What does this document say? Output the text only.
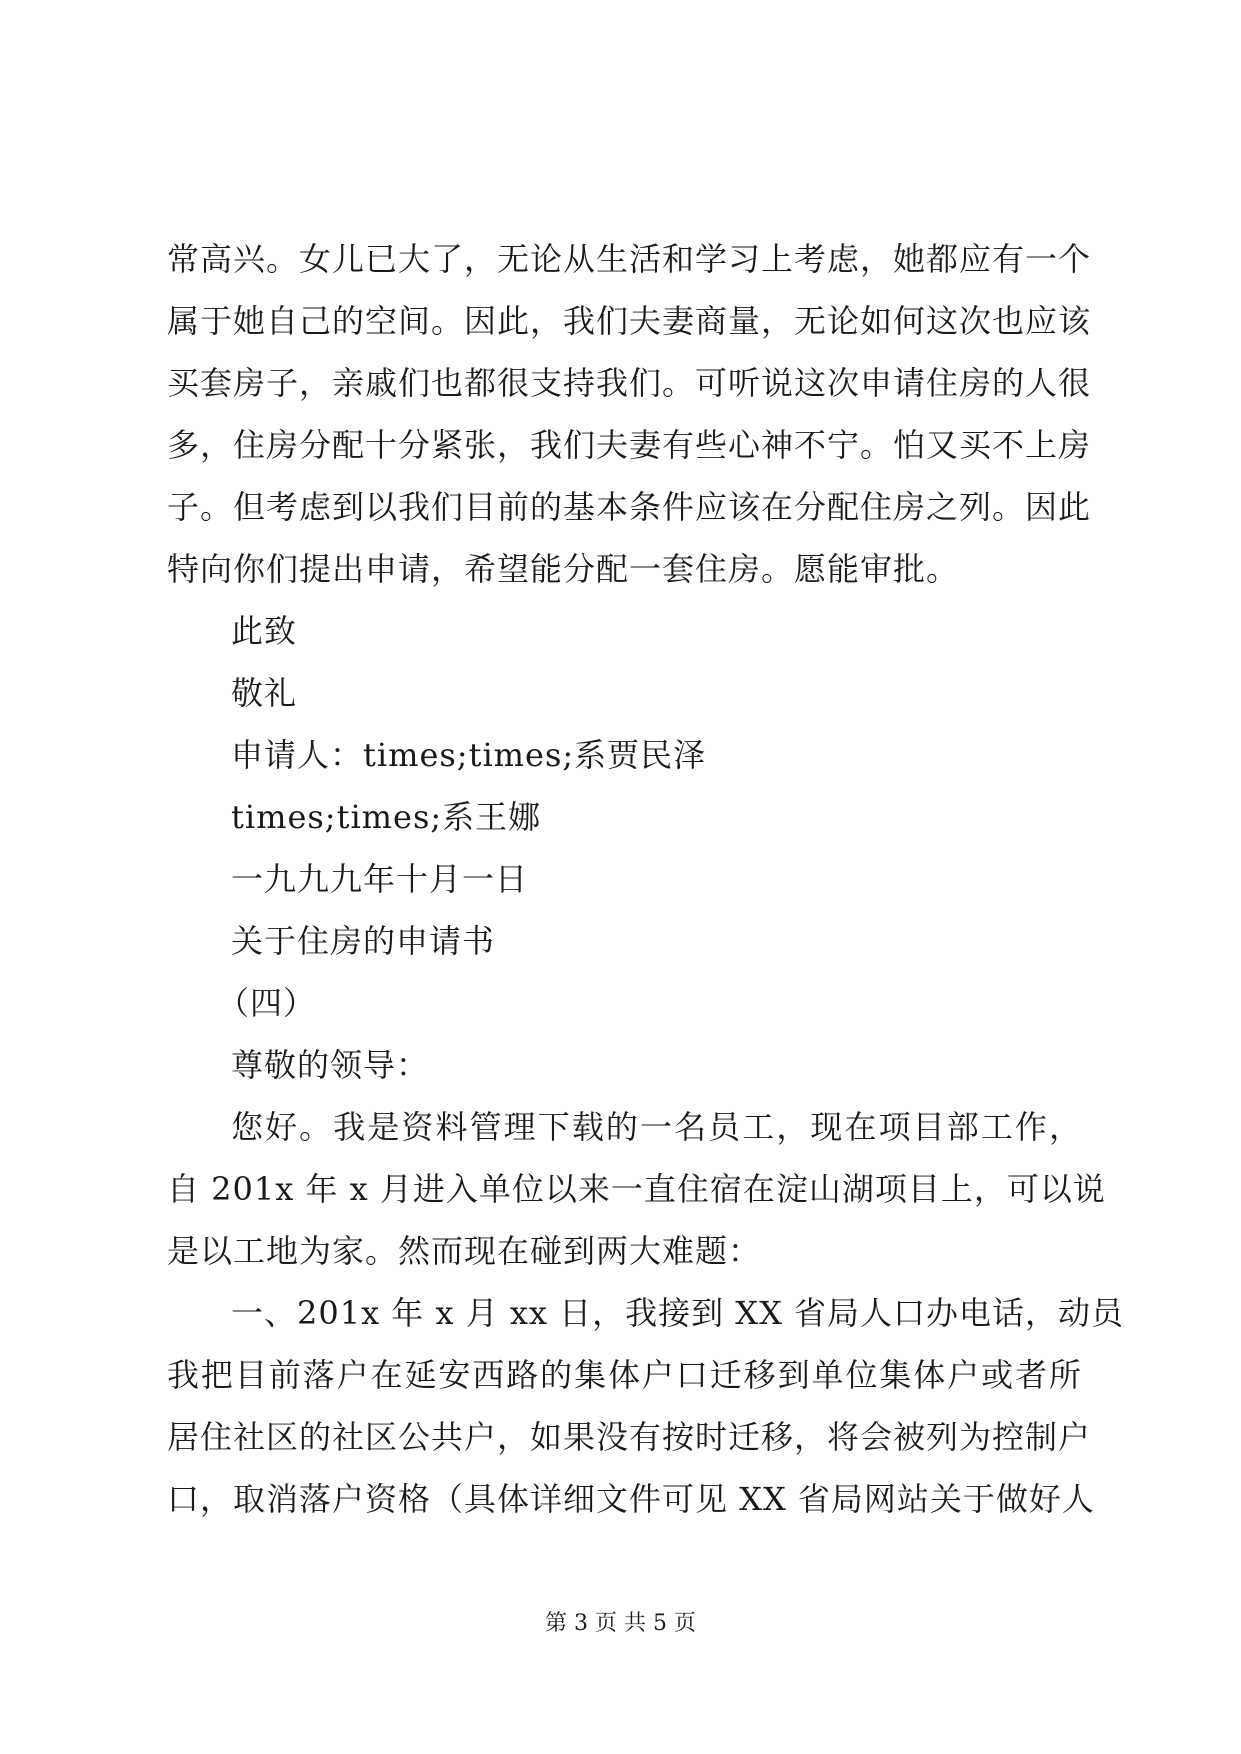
常高兴。女儿已大了，无论从生活和学习上考虑，她都应有一个
属于她自己的空间。因此，我们夫妻商量，无论如何这次也应该
买套房子，亲戚们也都很支持我们。可听说这次申请住房的人很
多，住房分配十分紧张，我们夫妻有些心神不宁。怕又买不上房
子。但考虑到以我们目前的基本条件应该在分配住房之列。因此
特向你们提出申请，希望能分配一套住房。愿能审批。
此致
敬礼
申请人：times;times;系贾民泽
times;times;系王娜
一九九九年十月一日
关于住房的申请书
（四）
尊敬的领导：
您好。我是资料管理下载的一名员工，现在项目部工作，
自 201x 年 x 月进入单位以来一直住宿在淀山湖项目上，可以说
是以工地为家。然而现在碰到两大难题：
一、201x 年 x 月 xx 日，我接到 XX 省局人口办电话，动员
我把目前落户在延安西路的集体户口迁移到单位集体户或者所
居住社区的社区公共户，如果没有按时迁移，将会被列为控制户
口，取消落户资格（具体详细文件可见 XX 省局网站关于做好人
第 3 页 共 5 页
